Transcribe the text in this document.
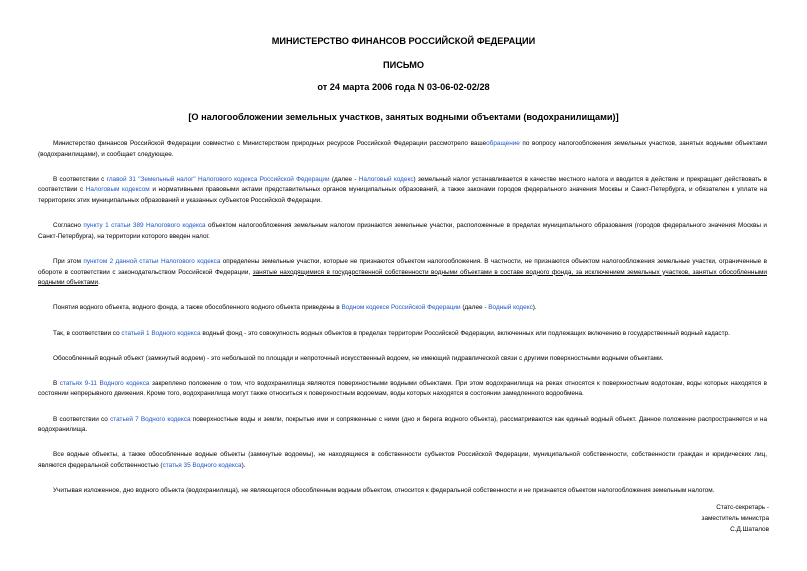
МИНИСТЕРСТВО ФИНАНСОВ РОССИЙСКОЙ ФЕДЕРАЦИИ
ПИСЬМО
от 24 марта 2006 года N 03-06-02-02/28
[О налогообложении земельных участков, занятых водными объектами (водохранилищами)]

Министерство финансов Российской Федерации совместно с Министерством природных ресурсов Российской Федерации рассмотрело вашеобращение по вопросу налогообложения земельных участков, занятых водными объектами (водохранилищами), и сообщает следующее.

В соответствии с главой 31 "Земельный налог" Налогового кодекса Российской Федерации (далее - Налоговый кодекс) земельный налог устанавливается в качестве местного налога и вводится в действие и прекращает действовать в соответствии с Налоговым кодексом и нормативными правовыми актами представительных органов муниципальных образований, а также законами городов федерального значения Москвы и Санкт-Петербурга, и обязателен к уплате на территориях этих муниципальных образований и указанных субъектов Российской Федерации.

Согласно пункту 1 статьи 389 Налогового кодекса объектом налогообложения земельным налогом признаются земельные участки, расположенные в пределах муниципального образования (городов федерального значения Москвы и Санкт-Петербурга), на территории которого введен налог.

При этом пунктом 2 данной статьи Налогового кодекса определены земельные участки, которые не признаются объектом налогообложения. В частности, не признаются объектом налогообложения земельные участки, ограниченные в обороте в соответствии с законодательством Российской Федерации, занятые находящимися в государственной собственности водными объектами в составе водного фонда, за исключением земельных участков, занятых обособленными водными объектами.

Понятия водного объекта, водного фонда, а также обособленного водного объекта приведены в Водном кодексе Российской Федерации (далее - Водный кодекс).

Так, в соответствии со статьей 1 Водного кодекса водный фонд - это совокупность водных объектов в пределах территории Российской Федерации, включенных или подлежащих включению в государственный водный кадастр.

Обособленный водный объект (замкнутый водоем) - это небольшой по площади и непроточный искусственный водоем, не имеющий гидравлической связи с другими поверхностными водными объектами.

В статьях 9-11 Водного кодекса закреплено положение о том, что водохранилища являются поверхностными водными объектами. При этом водохранилища на реках относятся к поверхностным водотокам, воды которых находятся в состоянии непрерывного движения. Кроме того, водохранилища могут также относиться к поверхностным водоемам, воды которых находятся в состоянии замедленного водообмена.

В соответствии со статьей 7 Водного кодекса поверхностные воды и земли, покрытые ими и сопряженные с ними (дно и берега водного объекта), рассматриваются как единый водный объект. Данное положение распространяется и на водохранилища.

Все водные объекты, а также обособленные водные объекты (замкнутые водоемы), не находящиеся в собственности субъектов Российской Федерации, муниципальной собственности, собственности граждан и юридических лиц, являются федеральной собственностью (статья 35 Водного кодекса).

Учитывая изложенное, дно водного объекта (водохранилища), не являющегося обособленным водным объектом, относится к федеральной собственности и не признается объектом налогообложения земельным налогом.

Статс-секретарь -
заместитель министра
С.Д.Шаталов
